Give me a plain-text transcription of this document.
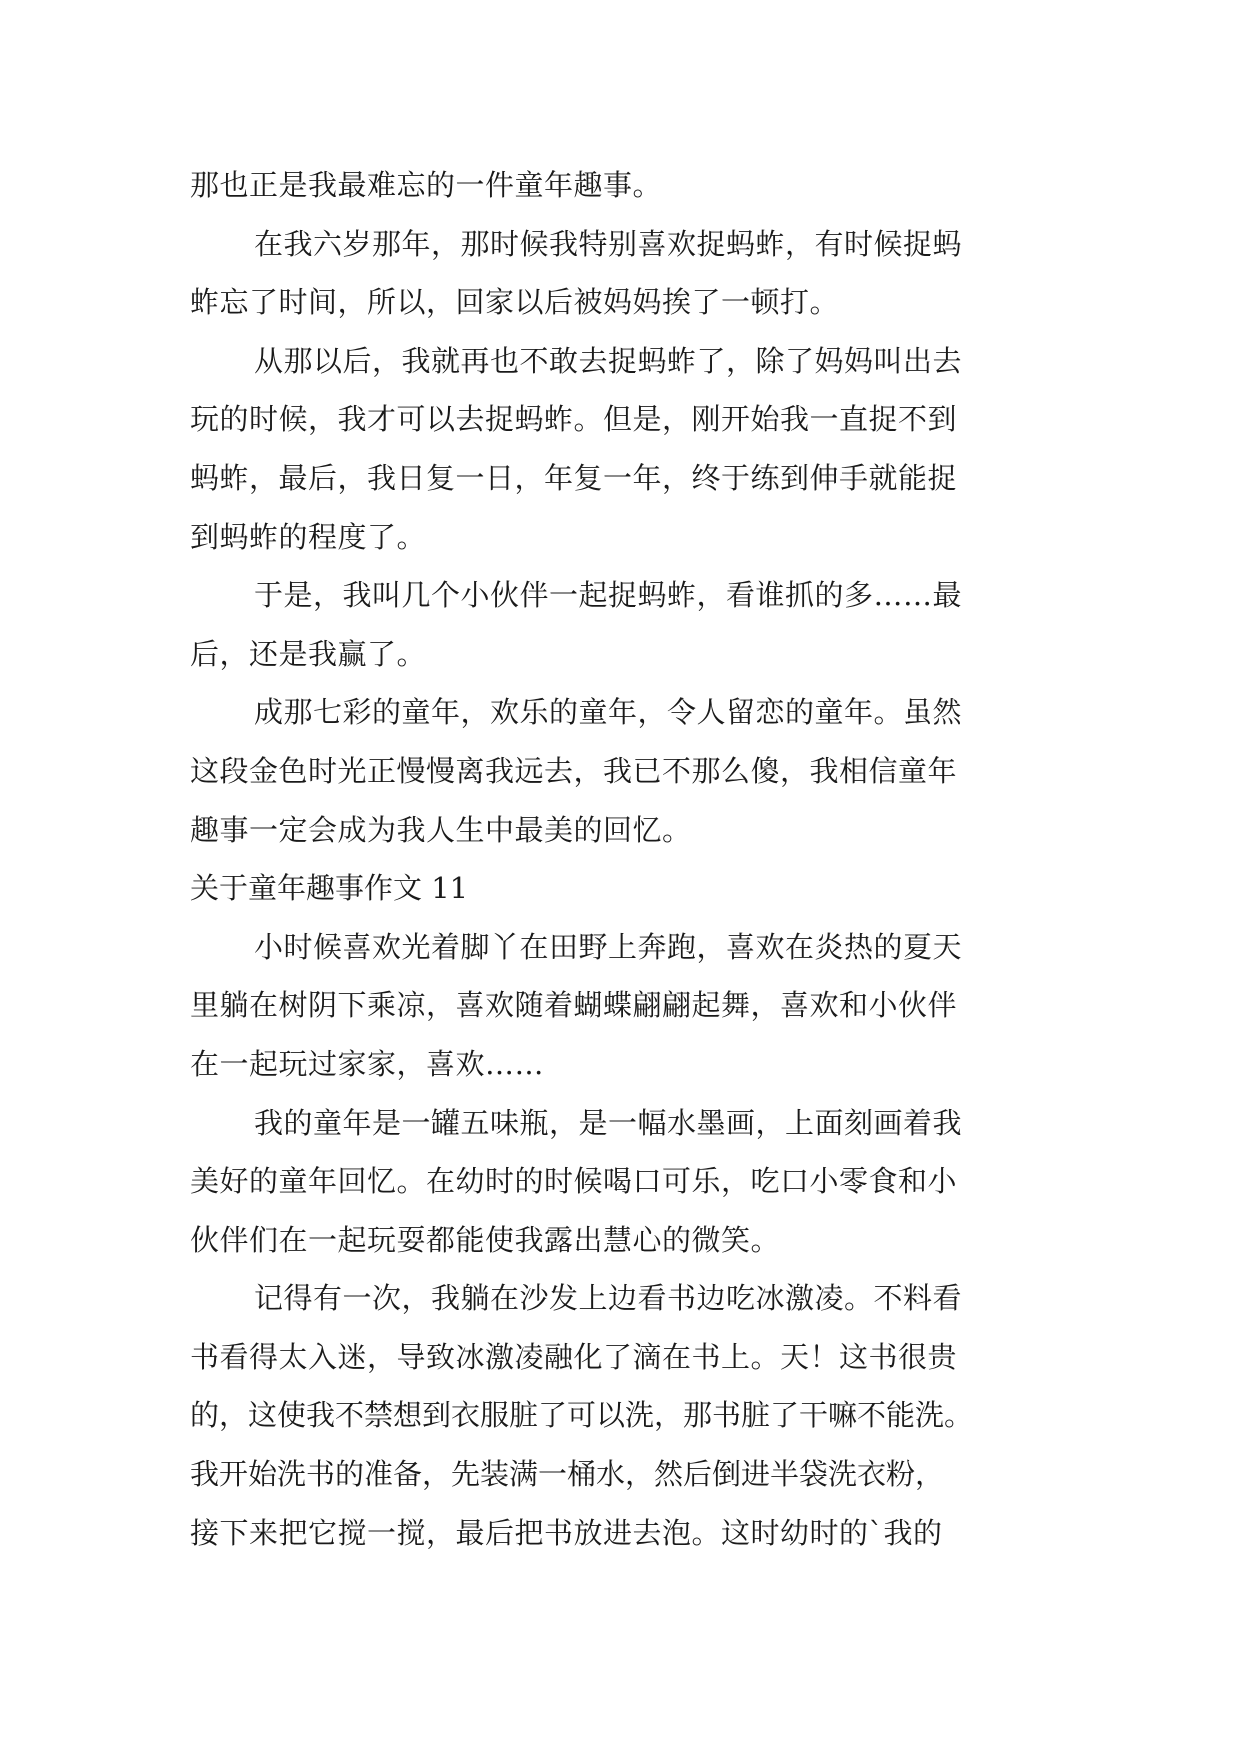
那也正是我最难忘的一件童年趣事。
在我六岁那年，那时候我特别喜欢捉蚂蚱，有时候捉蚂
蚱忘了时间，所以，回家以后被妈妈挨了一顿打。
从那以后，我就再也不敢去捉蚂蚱了，除了妈妈叫出去
玩的时候，我才可以去捉蚂蚱。但是，刚开始我一直捉不到
蚂蚱，最后，我日复一日，年复一年，终于练到伸手就能捉
到蚂蚱的程度了。
于是，我叫几个小伙伴一起捉蚂蚱，看谁抓的多……最
后，还是我赢了。
成那七彩的童年，欢乐的童年，令人留恋的童年。虽然
这段金色时光正慢慢离我远去，我已不那么傻，我相信童年
趣事一定会成为我人生中最美的回忆。
关于童年趣事作文 11
小时候喜欢光着脚丫在田野上奔跑，喜欢在炎热的夏天
里躺在树阴下乘凉，喜欢随着蝴蝶翩翩起舞，喜欢和小伙伴
在一起玩过家家，喜欢……
我的童年是一罐五味瓶，是一幅水墨画，上面刻画着我
美好的童年回忆。在幼时的时候喝口可乐，吃口小零食和小
伙伴们在一起玩耍都能使我露出慧心的微笑。
记得有一次，我躺在沙发上边看书边吃冰激凌。不料看
书看得太入迷，导致冰激凌融化了滴在书上。天！这书很贵
的，这使我不禁想到衣服脏了可以洗，那书脏了干嘛不能洗。
我开始洗书的准备，先装满一桶水，然后倒进半袋洗衣粉，
接下来把它搅一搅，最后把书放进去泡。这时幼时的`我的
